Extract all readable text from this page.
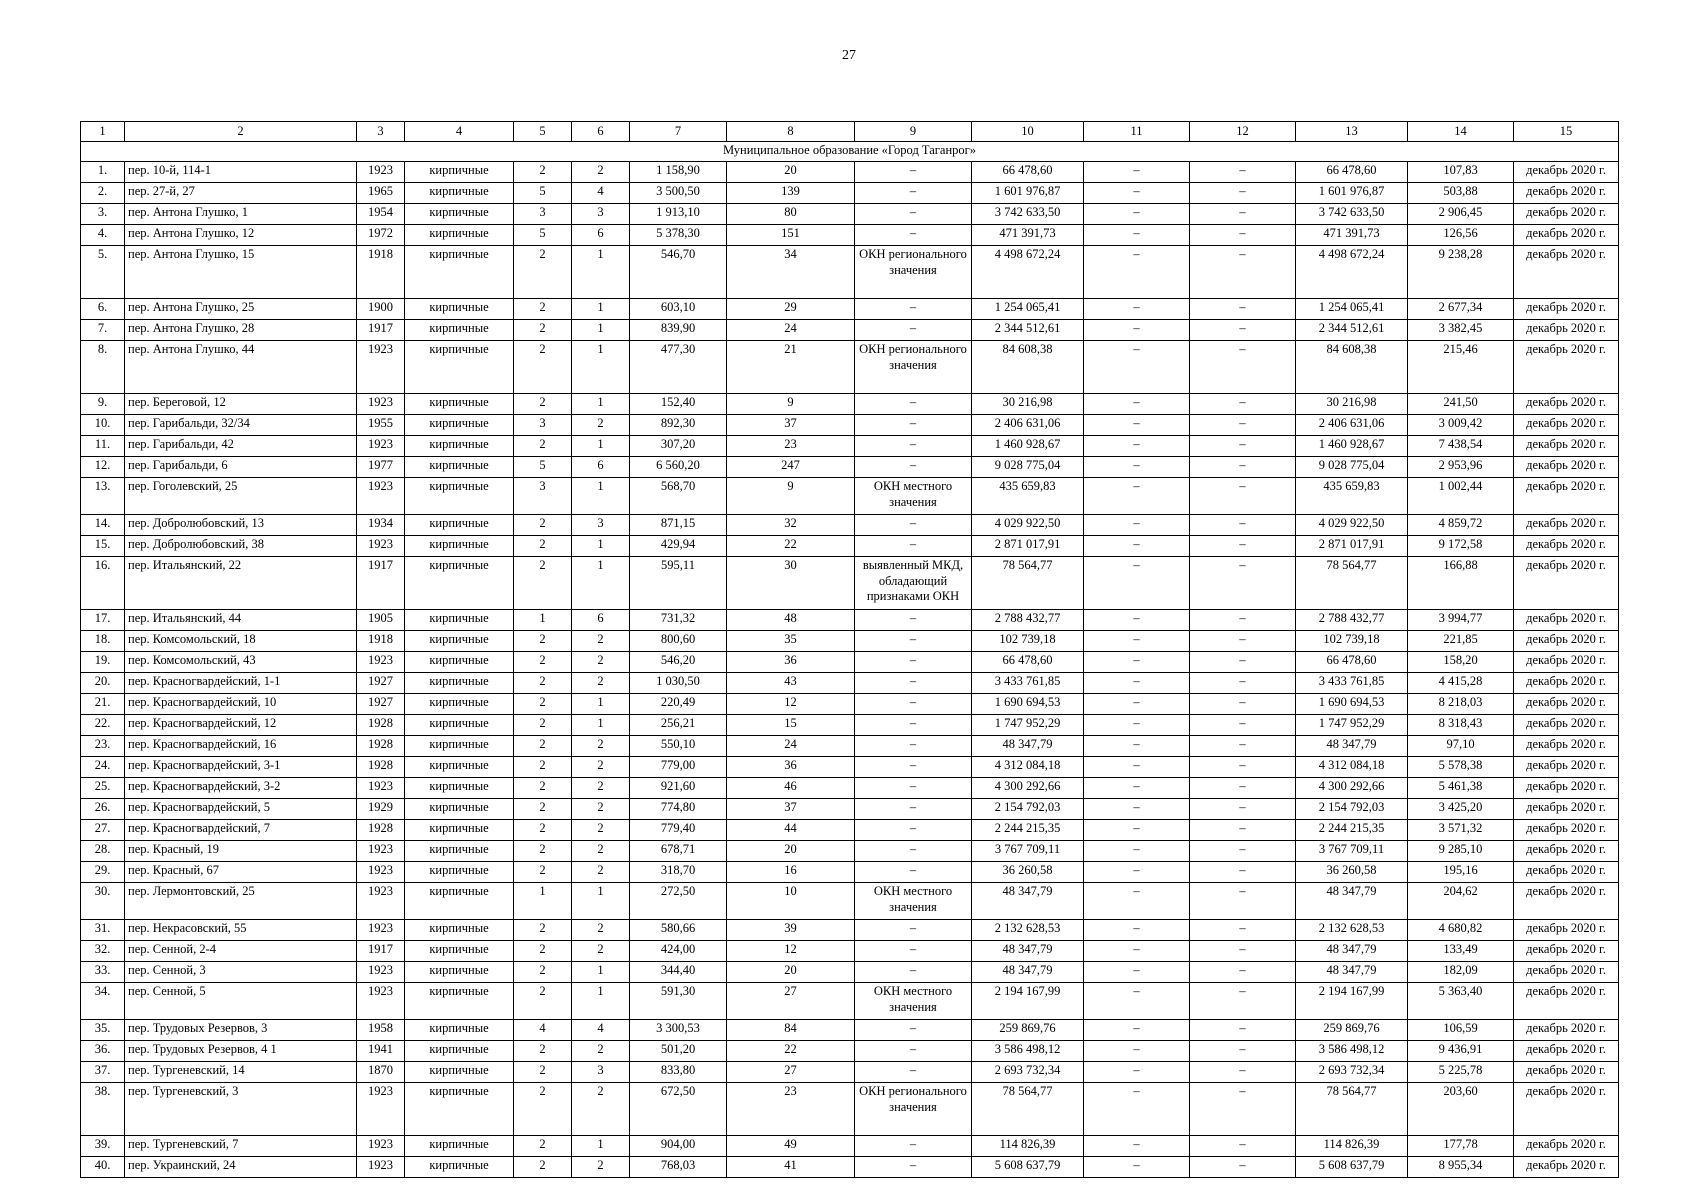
27
1	2	3	4	5	6	7	8	9	10	11	12	13	14	15
Муниципальное образование «Город Таганрог»														
1.	пер. 10-й, 114-1	1923	кирпичные	2	2	1 158,90	20	–	66 478,60	–	–	66 478,60	107,83	декабрь 2020 г.
2.	пер. 27-й, 27	1965	кирпичные	5	4	3 500,50	139	–	1 601 976,87	–	–	1 601 976,87	503,88	декабрь 2020 г.
3.	пер. Антона Глушко, 1	1954	кирпичные	3	3	1 913,10	80	–	3 742 633,50	–	–	3 742 633,50	2 906,45	декабрь 2020 г.
4.	пер. Антона Глушко, 12	1972	кирпичные	5	6	5 378,30	151	–	471 391,73	–	–	471 391,73	126,56	декабрь 2020 г.
5.	пер. Антона Глушко, 15	1918	кирпичные	2	1	546,70	34	ОКН регионального значения	4 498 672,24	–	–	4 498 672,24	9 238,28	декабрь 2020 г.
6.	пер. Антона Глушко, 25	1900	кирпичные	2	1	603,10	29	–	1 254 065,41	–	–	1 254 065,41	2 677,34	декабрь 2020 г.
7.	пер. Антона Глушко, 28	1917	кирпичные	2	1	839,90	24	–	2 344 512,61	–	–	2 344 512,61	3 382,45	декабрь 2020 г.
8.	пер. Антона Глушко, 44	1923	кирпичные	2	1	477,30	21	ОКН регионального значения	84 608,38	–	–	84 608,38	215,46	декабрь 2020 г.
9.	пер. Береговой, 12	1923	кирпичные	2	1	152,40	9	–	30 216,98	–	–	30 216,98	241,50	декабрь 2020 г.
10.	пер. Гарибальди, 32/34	1955	кирпичные	3	2	892,30	37	–	2 406 631,06	–	–	2 406 631,06	3 009,42	декабрь 2020 г.
11.	пер. Гарибальди, 42	1923	кирпичные	2	1	307,20	23	–	1 460 928,67	–	–	1 460 928,67	7 438,54	декабрь 2020 г.
12.	пер. Гарибальди, 6	1977	кирпичные	5	6	6 560,20	247	–	9 028 775,04	–	–	9 028 775,04	2 953,96	декабрь 2020 г.
13.	пер. Гоголевский, 25	1923	кирпичные	3	1	568,70	9	ОКН местного значения	435 659,83	–	–	435 659,83	1 002,44	декабрь 2020 г.
14.	пер. Добролюбовский, 13	1934	кирпичные	2	3	871,15	32	–	4 029 922,50	–	–	4 029 922,50	4 859,72	декабрь 2020 г.
15.	пер. Добролюбовский, 38	1923	кирпичные	2	1	429,94	22	–	2 871 017,91	–	–	2 871 017,91	9 172,58	декабрь 2020 г.
16.	пер. Итальянский, 22	1917	кирпичные	2	1	595,11	30	выявленный МКД, обладающий признаками ОКН	78 564,77	–	–	78 564,77	166,88	декабрь 2020 г.
17.	пер. Итальянский, 44	1905	кирпичные	1	6	731,32	48	–	2 788 432,77	–	–	2 788 432,77	3 994,77	декабрь 2020 г.
18.	пер. Комсомольский, 18	1918	кирпичные	2	2	800,60	35	–	102 739,18	–	–	102 739,18	221,85	декабрь 2020 г.
19.	пер. Комсомольский, 43	1923	кирпичные	2	2	546,20	36	–	66 478,60	–	–	66 478,60	158,20	декабрь 2020 г.
20.	пер. Красногвардейский, 1-1	1927	кирпичные	2	2	1 030,50	43	–	3 433 761,85	–	–	3 433 761,85	4 415,28	декабрь 2020 г.
21.	пер. Красногвардейский, 10	1927	кирпичные	2	1	220,49	12	–	1 690 694,53	–	–	1 690 694,53	8 218,03	декабрь 2020 г.
22.	пер. Красногвардейский, 12	1928	кирпичные	2	1	256,21	15	–	1 747 952,29	–	–	1 747 952,29	8 318,43	декабрь 2020 г.
23.	пер. Красногвардейский, 16	1928	кирпичные	2	2	550,10	24	–	48 347,79	–	–	48 347,79	97,10	декабрь 2020 г.
24.	пер. Красногвардейский, 3-1	1928	кирпичные	2	2	779,00	36	–	4 312 084,18	–	–	4 312 084,18	5 578,38	декабрь 2020 г.
25.	пер. Красногвардейский, 3-2	1923	кирпичные	2	2	921,60	46	–	4 300 292,66	–	–	4 300 292,66	5 461,38	декабрь 2020 г.
26.	пер. Красногвардейский, 5	1929	кирпичные	2	2	774,80	37	–	2 154 792,03	–	–	2 154 792,03	3 425,20	декабрь 2020 г.
27.	пер. Красногвардейский, 7	1928	кирпичные	2	2	779,40	44	–	2 244 215,35	–	–	2 244 215,35	3 571,32	декабрь 2020 г.
28.	пер. Красный, 19	1923	кирпичные	2	2	678,71	20	–	3 767 709,11	–	–	3 767 709,11	9 285,10	декабрь 2020 г.
29.	пер. Красный, 67	1923	кирпичные	2	2	318,70	16	–	36 260,58	–	–	36 260,58	195,16	декабрь 2020 г.
30.	пер. Лермонтовский, 25	1923	кирпичные	1	1	272,50	10	ОКН местного значения	48 347,79	–	–	48 347,79	204,62	декабрь 2020 г.
31.	пер. Некрасовский, 55	1923	кирпичные	2	2	580,66	39	–	2 132 628,53	–	–	2 132 628,53	4 680,82	декабрь 2020 г.
32.	пер. Сенной, 2-4	1917	кирпичные	2	2	424,00	12	–	48 347,79	–	–	48 347,79	133,49	декабрь 2020 г.
33.	пер. Сенной, 3	1923	кирпичные	2	1	344,40	20	–	48 347,79	–	–	48 347,79	182,09	декабрь 2020 г.
34.	пер. Сенной, 5	1923	кирпичные	2	1	591,30	27	ОКН местного значения	2 194 167,99	–	–	2 194 167,99	5 363,40	декабрь 2020 г.
35.	пер. Трудовых Резервов, 3	1958	кирпичные	4	4	3 300,53	84	–	259 869,76	–	–	259 869,76	106,59	декабрь 2020 г.
36.	пер. Трудовых Резервов, 4 1	1941	кирпичные	2	2	501,20	22	–	3 586 498,12	–	–	3 586 498,12	9 436,91	декабрь 2020 г.
37.	пер. Тургеневский, 14	1870	кирпичные	2	3	833,80	27	–	2 693 732,34	–	–	2 693 732,34	5 225,78	декабрь 2020 г.
38.	пер. Тургеневский, 3	1923	кирпичные	2	2	672,50	23	ОКН регионального значения	78 564,77	–	–	78 564,77	203,60	декабрь 2020 г.
39.	пер. Тургеневский, 7	1923	кирпичные	2	1	904,00	49	–	114 826,39	–	–	114 826,39	177,78	декабрь 2020 г.
40.	пер. Украинский, 24	1923	кирпичные	2	2	768,03	41	–	5 608 637,79	–	–	5 608 637,79	8 955,34	декабрь 2020 г.
